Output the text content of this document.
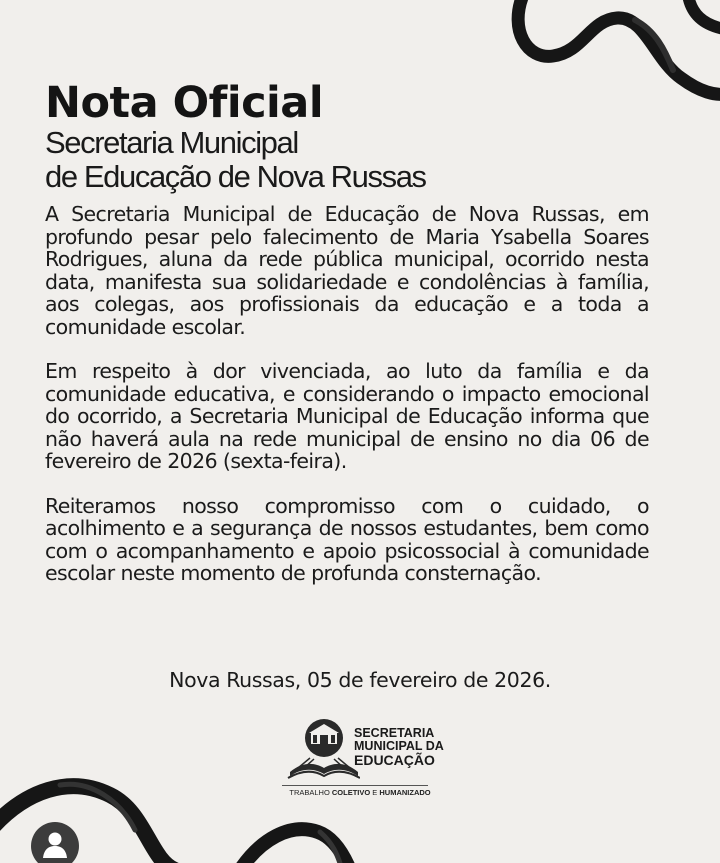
Nota Oficial

Secretaria Municipal

de Educação de Nova Russas

A Secretaria Municipal de Educação de Nova Russas, em profundo pesar pelo falecimento de Maria Ysabella Soares Rodrigues, aluna da rede pública municipal, ocorrido nesta data, manifesta sua solidariedade e condolências à família, aos colegas, aos profissionais da educação e a toda a comunidade escolar.

Em respeito à dor vivenciada, ao luto da família e da comunidade educativa, e considerando o impacto emocional do ocorrido, a Secretaria Municipal de Educação informa que não haverá aula na rede municipal de ensino no dia 06 de fevereiro de 2026 (sexta-feira).

Reiteramos nosso compromisso com o cuidado, o acolhimento e a segurança de nossos estudantes, bem como com o acompanhamento e apoio psicossocial à comunidade escolar neste momento de profunda consternação.

Nova Russas, 05 de fevereiro de 2026.
SECRETARIA
MUNICIPAL DA
EDUCAÇÃO
TRABALHO COLETIVO E HUMANIZADO
